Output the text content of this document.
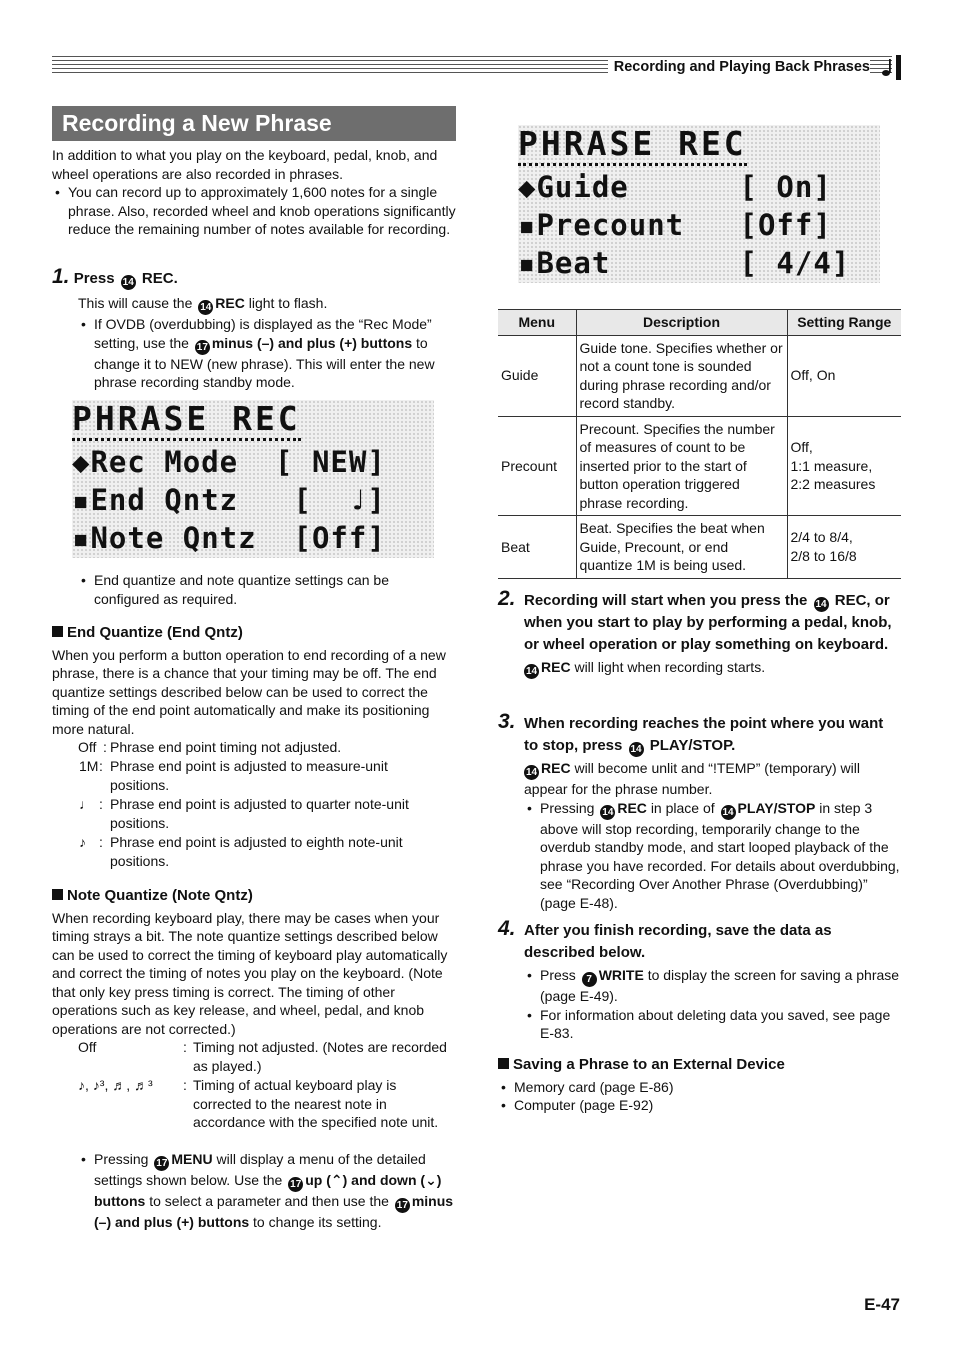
Recording and Playing Back Phrases
Recording a New Phrase

In addition to what you play on the keyboard, pedal, knob, and wheel operations are also recorded in phrases.

• You can record up to approximately 1,600 notes for a single phrase. Also, recorded wheel and knob operations significantly reduce the remaining number of notes available for recording.

1. Press 14 REC.

This will cause the 14 REC light to flash.

• If OVDB (overdubbing) is displayed as the “Rec Mode” setting, use the 17 minus (–) and plus (+) buttons to change it to NEW (new phrase). This will enter the new phrase recording standby mode.

PHRASE REC
◆Rec Mode  [ NEW]
▪End Qntz   [  ♩]
▪Note Qntz  [Off]

• End quantize and note quantize settings can be configured as required.

End Quantize (End Qntz)

When you perform a button operation to end recording of a new phrase, there is a chance that your timing may be off. The end quantize settings described below can be used to correct the timing of the end point automatically and make its positioning more natural.

Off : Phrase end point timing not adjusted.
1M : Phrase end point is adjusted to measure-unit positions.
♩ : Phrase end point is adjusted to quarter note-unit positions.
♪ : Phrase end point is adjusted to eighth note-unit positions.
Note Quantize (Note Qntz)

When recording keyboard play, there may be cases when your timing strays a bit. The note quantize settings described below can be used to correct the timing of keyboard play automatically and correct the timing of notes you play on the keyboard. (Note that only key press timing is correct. The timing of other operations such as key release, and wheel, pedal, and knob operations are not corrected.)

Off	: Timing not adjusted. (Notes are recorded as played.)
♪, ♪³, ♬, ♬³ : Timing of actual keyboard play is corrected to the nearest note in accordance with the specified note unit.

• Pressing 17 MENU will display a menu of the detailed settings shown below. Use the 17 up (⌃) and down (⌄) buttons to select a parameter and then use the 17 minus (–) and plus (+) buttons to change its setting.

PHRASE REC
◆Guide      [ On]
▪Precount   [Off]
▪Beat       [ 4/4]
Menu	Description	Setting Range
Guide	Guide tone. Specifies whether or not a count tone is sounded during phrase recording and/or record standby.	Off, On
Precount	Precount. Specifies the number of measures of count to be inserted prior to the start of button operation triggered phrase recording.	Off,
1:1 measure,
2:2 measures

Beat	Beat. Specifies the beat when Guide, Precount, or end quantize 1M is being used.	2/4 to 8/4,
2/8 to 16/8
2. Recording will start when you press the 14 REC, or when you start to play by performing a pedal, knob, or wheel operation or play something on keyboard.

14 REC will light when recording starts.

3. When recording reaches the point where you want to stop, press 14 PLAY/STOP.

14 REC will become unlit and “!TEMP” (temporary) will appear for the phrase number.

• Pressing 14 REC in place of 14 PLAY/STOP in step 3 above will stop recording, temporarily change to the overdub standby mode, and start looped playback of the phrase you have recorded. For details about overdubbing, see “Recording Over Another Phrase (Overdubbing)” (page E-48).

4. After you finish recording, save the data as described below.

• Press 7 WRITE to display the screen for saving a phrase (page E-49).

• For information about deleting data you saved, see page E-83.

Saving a Phrase to an External Device

• Memory card (page E-86)

• Computer (page E-92)

E-47
